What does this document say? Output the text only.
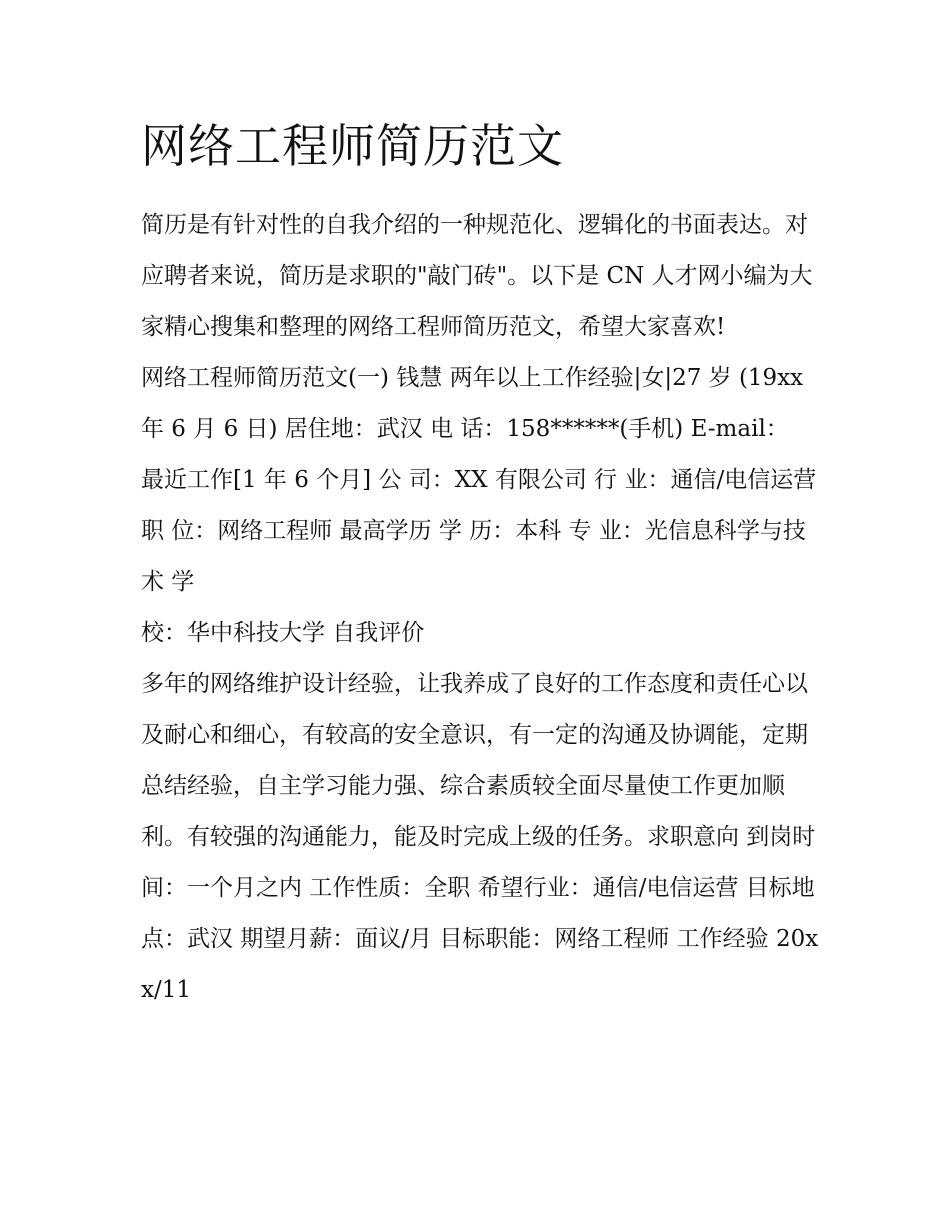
网络工程师简历范文

简历是有针对性的自我介绍的一种规范化、逻辑化的书面表达。对应聘者来说，简历是求职的"敲门砖"。以下是 CN 人才网小编为大家精心搜集和整理的网络工程师简历范文，希望大家喜欢!

网络工程师简历范文(一) 钱慧 两年以上工作经验|女|27 岁 (19xx 年 6 月 6 日) 居住地：武汉 电 话：158******(手机) E-mail：

最近工作[1 年 6 个月] 公 司：XX 有限公司 行 业：通信/电信运营 职 位：网络工程师 最高学历 学 历：本科 专 业：光信息科学与技术 学
校：华中科技大学 自我评价

多年的网络维护设计经验，让我养成了良好的工作态度和责任心以及耐心和细心，有较高的安全意识，有一定的沟通及协调能，定期总结经验，自主学习能力强、综合素质较全面尽量使工作更加顺利。有较强的沟通能力，能及时完成上级的任务。求职意向 到岗时间：一个月之内 工作性质：全职 希望行业：通信/电信运营 目标地点：武汉 期望月薪：面议/月 目标职能：网络工程师 工作经验 20xx/11
